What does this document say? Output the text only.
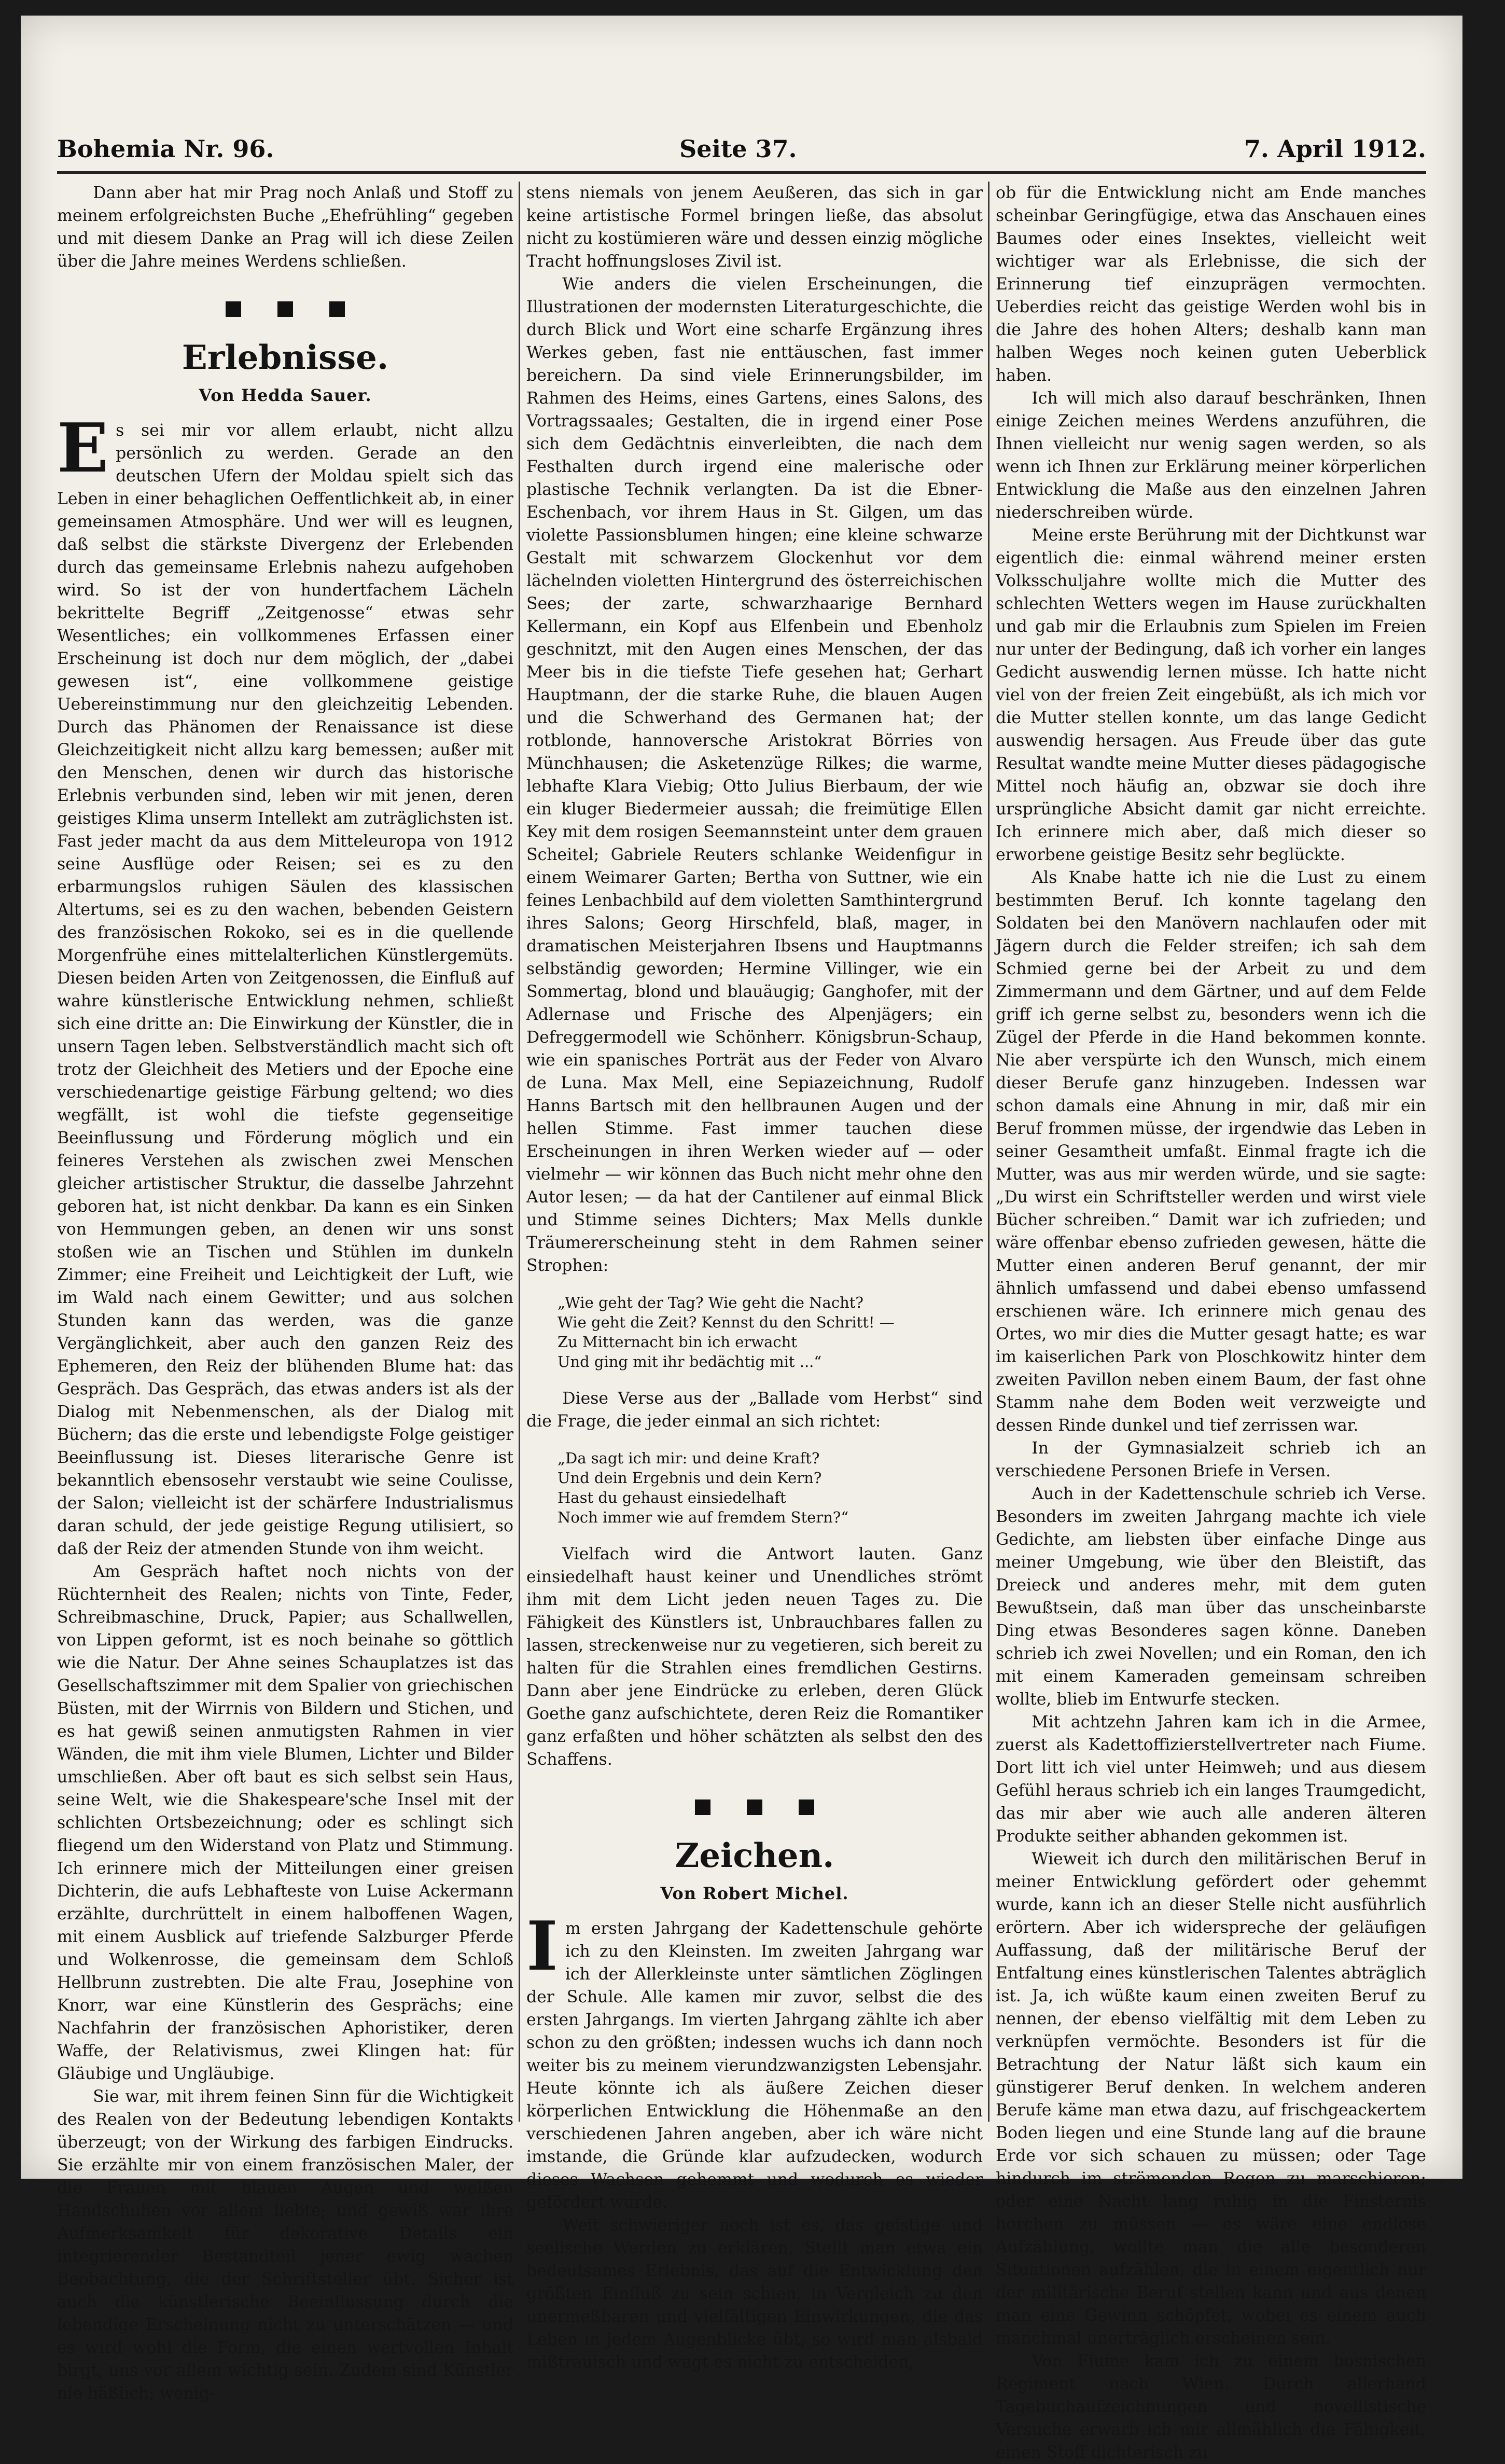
Bohemia Nr. 96.	Seite 37.	7. April 1912.

Dann aber hat mir Prag noch Anlaß und Stoff zu meinem erfolgreichsten Buche „Ehefrühling“ gegeben und mit diesem Danke an Prag will ich diese Zeilen über die Jahre meines Werdens schließen.

Erlebnisse.
Von Hedda Sauer.

Es sei mir vor allem erlaubt, nicht allzu persönlich zu werden. Gerade an den deutschen Ufern der Moldau spielt sich das Leben in einer behaglichen Oeffentlichkeit ab, in einer gemeinsamen Atmosphäre. Und wer will es leugnen, daß selbst die stärkste Divergenz der Erlebenden durch das gemeinsame Erlebnis nahezu aufgehoben wird. So ist der von hundertfachem Lächeln bekrittelte Begriff „Zeitgenosse“ etwas sehr Wesentliches; ein vollkommenes Erfassen einer Erscheinung ist doch nur dem möglich, der „dabei gewesen ist“, eine vollkommene geistige Uebereinstimmung nur den gleichzeitig Lebenden. Durch das Phänomen der Renaissance ist diese Gleichzeitigkeit nicht allzu karg bemessen; außer mit den Menschen, denen wir durch das historische Erlebnis verbunden sind, leben wir mit jenen, deren geistiges Klima unserm Intellekt am zuträglichsten ist. Fast jeder macht da aus dem Mitteleuropa von 1912 seine Ausflüge oder Reisen; sei es zu den erbarmungslos ruhigen Säulen des klassischen Altertums, sei es zu den wachen, bebenden Geistern des französischen Rokoko, sei es in die quellende Morgenfrühe eines mittelalterlichen Künstlergemüts. Diesen beiden Arten von Zeitgenossen, die Einfluß auf wahre künstlerische Entwicklung nehmen, schließt sich eine dritte an: Die Einwirkung der Künstler, die in unsern Tagen leben. Selbstverständlich macht sich oft trotz der Gleichheit des Metiers und der Epoche eine verschiedenartige geistige Färbung geltend; wo dies wegfällt, ist wohl die tiefste gegenseitige Beeinflussung und Förderung möglich und ein feineres Verstehen als zwischen zwei Menschen gleicher artistischer Struktur, die dasselbe Jahrzehnt geboren hat, ist nicht denkbar. Da kann es ein Sinken von Hemmungen geben, an denen wir uns sonst stoßen wie an Tischen und Stühlen im dunkeln Zimmer; eine Freiheit und Leichtigkeit der Luft, wie im Wald nach einem Gewitter; und aus solchen Stunden kann das werden, was die ganze Vergänglichkeit, aber auch den ganzen Reiz des Ephemeren, den Reiz der blühenden Blume hat: das Gespräch. Das Gespräch, das etwas anders ist als der Dialog mit Nebenmenschen, als der Dialog mit Büchern; das die erste und lebendigste Folge geistiger Beeinflussung ist. Dieses literarische Genre ist bekanntlich ebensosehr verstaubt wie seine Coulisse, der Salon; vielleicht ist der schärfere Industrialismus daran schuld, der jede geistige Regung utilisiert, so daß der Reiz der atmenden Stunde von ihm weicht.

Am Gespräch haftet noch nichts von der Rüchternheit des Realen; nichts von Tinte, Feder, Schreibmaschine, Druck, Papier; aus Schallwellen, von Lippen geformt, ist es noch beinahe so göttlich wie die Natur. Der Ahne seines Schauplatzes ist das Gesellschaftszimmer mit dem Spalier von griechischen Büsten, mit der Wirrnis von Bildern und Stichen, und es hat gewiß seinen anmutigsten Rahmen in vier Wänden, die mit ihm viele Blumen, Lichter und Bilder umschließen. Aber oft baut es sich selbst sein Haus, seine Welt, wie die Shakespeare'sche Insel mit der schlichten Ortsbezeichnung; oder es schlingt sich fliegend um den Widerstand von Platz und Stimmung. Ich erinnere mich der Mitteilungen einer greisen Dichterin, die aufs Lebhafteste von Luise Ackermann erzählte, durchrüttelt in einem halboffenen Wagen, mit einem Ausblick auf triefende Salzburger Pferde und Wolkenrosse, die gemeinsam dem Schloß Hellbrunn zustrebten. Die alte Frau, Josephine von Knorr, war eine Künstlerin des Gesprächs; eine Nachfahrin der französischen Aphoristiker, deren Waffe, der Relativismus, zwei Klingen hat: für Gläubige und Ungläubige.

Sie war, mit ihrem feinen Sinn für die Wichtigkeit des Realen von der Bedeutung lebendigen Kontakts überzeugt; von der Wirkung des farbigen Eindrucks. Sie erzählte mir von einem französischen Maler, der die Frauen mit blauen Augen und weißen Handschuhen vor allem liebte; und gewiß war ihre Aufmerksamkeit für dekorative Details ein integrierender Bestandteil jener ewig wachen Beobachtung, die der Schriftsteller übt. Sicher ist auch die künstlerische Beeinflussung durch die lebendige Erscheinung nicht zu unterschätzen — und es wird wohl die Form, die einen wertvollen Inhalt birgt, uns vor allem wichtig sein. Zudem sind Künstler nie häßlich; wenig-

stens niemals von jenem Aeußeren, das sich in gar keine artistische Formel bringen ließe, das absolut nicht zu kostümieren wäre und dessen einzig mögliche Tracht hoffnungsloses Zivil ist.

Wie anders die vielen Erscheinungen, die Illustrationen der modernsten Literaturgeschichte, die durch Blick und Wort eine scharfe Ergänzung ihres Werkes geben, fast nie enttäuschen, fast immer bereichern. Da sind viele Erinnerungsbilder, im Rahmen des Heims, eines Gartens, eines Salons, des Vortragssaales; Gestalten, die in irgend einer Pose sich dem Gedächtnis einverleibten, die nach dem Festhalten durch irgend eine malerische oder plastische Technik verlangten. Da ist die Ebner-Eschenbach, vor ihrem Haus in St. Gilgen, um das violette Passionsblumen hingen; eine kleine schwarze Gestalt mit schwarzem Glockenhut vor dem lächelnden violetten Hintergrund des österreichischen Sees; der zarte, schwarzhaarige Bernhard Kellermann, ein Kopf aus Elfenbein und Ebenholz geschnitzt, mit den Augen eines Menschen, der das Meer bis in die tiefste Tiefe gesehen hat; Gerhart Hauptmann, der die starke Ruhe, die blauen Augen und die Schwerhand des Germanen hat; der rotblonde, hannoversche Aristokrat Börries von Münchhausen; die Asketenzüge Rilkes; die warme, lebhafte Klara Viebig; Otto Julius Bierbaum, der wie ein kluger Biedermeier aussah; die freimütige Ellen Key mit dem rosigen Seemannsteint unter dem grauen Scheitel; Gabriele Reuters schlanke Weidenfigur in einem Weimarer Garten; Bertha von Suttner, wie ein feines Lenbachbild auf dem violetten Samthintergrund ihres Salons; Georg Hirschfeld, blaß, mager, in dramatischen Meisterjahren Ibsens und Hauptmanns selbständig geworden; Hermine Villinger, wie ein Sommertag, blond und blauäugig; Ganghofer, mit der Adlernase und Frische des Alpenjägers; ein Defreggermodell wie Schönherr. Königsbrun-Schaup, wie ein spanisches Porträt aus der Feder von Alvaro de Luna. Max Mell, eine Sepiazeichnung, Rudolf Hanns Bartsch mit den hellbraunen Augen und der hellen Stimme. Fast immer tauchen diese Erscheinungen in ihren Werken wieder auf — oder vielmehr — wir können das Buch nicht mehr ohne den Autor lesen; — da hat der Cantilener auf einmal Blick und Stimme seines Dichters; Max Mells dunkle Träumererscheinung steht in dem Rahmen seiner Strophen:

„Wie geht der Tag? Wie geht die Nacht?
Wie geht die Zeit? Kennst du den Schritt! —
Zu Mitternacht bin ich erwacht
Und ging mit ihr bedächtig mit ...“

Diese Verse aus der „Ballade vom Herbst“ sind die Frage, die jeder einmal an sich richtet:

„Da sagt ich mir: und deine Kraft?
Und dein Ergebnis und dein Kern?
Hast du gehaust einsiedelhaft
Noch immer wie auf fremdem Stern?“

Vielfach wird die Antwort lauten. Ganz einsiedelhaft haust keiner und Unendliches strömt ihm mit dem Licht jeden neuen Tages zu. Die Fähigkeit des Künstlers ist, Unbrauchbares fallen zu lassen, streckenweise nur zu vegetieren, sich bereit zu halten für die Strahlen eines fremdlichen Gestirns. Dann aber jene Eindrücke zu erleben, deren Glück Goethe ganz aufschichtete, deren Reiz die Romantiker ganz erfaßten und höher schätzten als selbst den des Schaffens.

Zeichen.
Von Robert Michel.

Im ersten Jahrgang der Kadettenschule gehörte ich zu den Kleinsten. Im zweiten Jahrgang war ich der Allerkleinste unter sämtlichen Zöglingen der Schule. Alle kamen mir zuvor, selbst die des ersten Jahrgangs. Im vierten Jahrgang zählte ich aber schon zu den größten; indessen wuchs ich dann noch weiter bis zu meinem vierundzwanzigsten Lebensjahr. Heute könnte ich als äußere Zeichen dieser körperlichen Entwicklung die Höhenmaße an den verschiedenen Jahren angeben, aber ich wäre nicht imstande, die Gründe klar aufzudecken, wodurch dieses Wachsen gehemmt und wodurch es wieder gefördert wurde.

Weit schwieriger noch ist es, das geistige und seelische Werden zu erklären. Stellt man etwa ein bedeutsames Erlebnis, das auf die Entwicklung den größten Einfluß zu sein schien, in Vergleich zu den unermeßbaren und vielfältigen Einwirkungen, die das Leben in jedem Augenblicke übt, so wird man alsbald mißtrauisch und wagt es nicht zu entscheiden,

ob für die Entwicklung nicht am Ende manches scheinbar Geringfügige, etwa das Anschauen eines Baumes oder eines Insektes, vielleicht weit wichtiger war als Erlebnisse, die sich der Erinnerung tief einzuprägen vermochten. Ueberdies reicht das geistige Werden wohl bis in die Jahre des hohen Alters; deshalb kann man halben Weges noch keinen guten Ueberblick haben.

Ich will mich also darauf beschränken, Ihnen einige Zeichen meines Werdens anzuführen, die Ihnen vielleicht nur wenig sagen werden, so als wenn ich Ihnen zur Erklärung meiner körperlichen Entwicklung die Maße aus den einzelnen Jahren niederschreiben würde.

Meine erste Berührung mit der Dichtkunst war eigentlich die: einmal während meiner ersten Volksschuljahre wollte mich die Mutter des schlechten Wetters wegen im Hause zurückhalten und gab mir die Erlaubnis zum Spielen im Freien nur unter der Bedingung, daß ich vorher ein langes Gedicht auswendig lernen müsse. Ich hatte nicht viel von der freien Zeit eingebüßt, als ich mich vor die Mutter stellen konnte, um das lange Gedicht auswendig hersagen. Aus Freude über das gute Resultat wandte meine Mutter dieses pädagogische Mittel noch häufig an, obzwar sie doch ihre ursprüngliche Absicht damit gar nicht erreichte. Ich erinnere mich aber, daß mich dieser so erworbene geistige Besitz sehr beglückte.

Als Knabe hatte ich nie die Lust zu einem bestimmten Beruf. Ich konnte tagelang den Soldaten bei den Manövern nachlaufen oder mit Jägern durch die Felder streifen; ich sah dem Schmied gerne bei der Arbeit zu und dem Zimmermann und dem Gärtner, und auf dem Felde griff ich gerne selbst zu, besonders wenn ich die Zügel der Pferde in die Hand bekommen konnte. Nie aber verspürte ich den Wunsch, mich einem dieser Berufe ganz hinzugeben. Indessen war schon damals eine Ahnung in mir, daß mir ein Beruf frommen müsse, der irgendwie das Leben in seiner Gesamtheit umfaßt. Einmal fragte ich die Mutter, was aus mir werden würde, und sie sagte: „Du wirst ein Schriftsteller werden und wirst viele Bücher schreiben.“ Damit war ich zufrieden; und wäre offenbar ebenso zufrieden gewesen, hätte die Mutter einen anderen Beruf genannt, der mir ähnlich umfassend und dabei ebenso umfassend erschienen wäre. Ich erinnere mich genau des Ortes, wo mir dies die Mutter gesagt hatte; es war im kaiserlichen Park von Ploschkowitz hinter dem zweiten Pavillon neben einem Baum, der fast ohne Stamm nahe dem Boden weit verzweigte und dessen Rinde dunkel und tief zerrissen war.

In der Gymnasialzeit schrieb ich an verschiedene Personen Briefe in Versen.

Auch in der Kadettenschule schrieb ich Verse. Besonders im zweiten Jahrgang machte ich viele Gedichte, am liebsten über einfache Dinge aus meiner Umgebung, wie über den Bleistift, das Dreieck und anderes mehr, mit dem guten Bewußtsein, daß man über das unscheinbarste Ding etwas Besonderes sagen könne. Daneben schrieb ich zwei Novellen; und ein Roman, den ich mit einem Kameraden gemeinsam schreiben wollte, blieb im Entwurfe stecken.

Mit achtzehn Jahren kam ich in die Armee, zuerst als Kadettoffizierstellvertreter nach Fiume. Dort litt ich viel unter Heimweh; und aus diesem Gefühl heraus schrieb ich ein langes Traumgedicht, das mir aber wie auch alle anderen älteren Produkte seither abhanden gekommen ist.

Wieweit ich durch den militärischen Beruf in meiner Entwicklung gefördert oder gehemmt wurde, kann ich an dieser Stelle nicht ausführlich erörtern. Aber ich widerspreche der geläufigen Auffassung, daß der militärische Beruf der Entfaltung eines künstlerischen Talentes abträglich ist. Ja, ich wüßte kaum einen zweiten Beruf zu nennen, der ebenso vielfältig mit dem Leben zu verknüpfen vermöchte. Besonders ist für die Betrachtung der Natur läßt sich kaum ein günstigerer Beruf denken. In welchem anderen Berufe käme man etwa dazu, auf frischgeackertem Boden liegen und eine Stunde lang auf die braune Erde vor sich schauen zu müssen; oder Tage hindurch im strömenden Regen zu marschieren; oder eine Nacht lang ruhig in die Finsternis horchen zu müssen — es wäre eine endlose Aufzählung, wollte man die alle besonderen Situationen aufzählen, die in einem eigentlich nur der militärische Beruf stellen kann und aus denen man eine Gewinn schöpfet, wobei es einem auch manchmal unerträglich erscheinen sein.

Von Fiume kam ich zu einem bosnischen Regiment nach Wien. Durch allerhand Tagebuchaufzeichnungen und novellistische Versuche erwarb ich mir allmählich die Fähigkeit, einen Stoff dichterisch zu
